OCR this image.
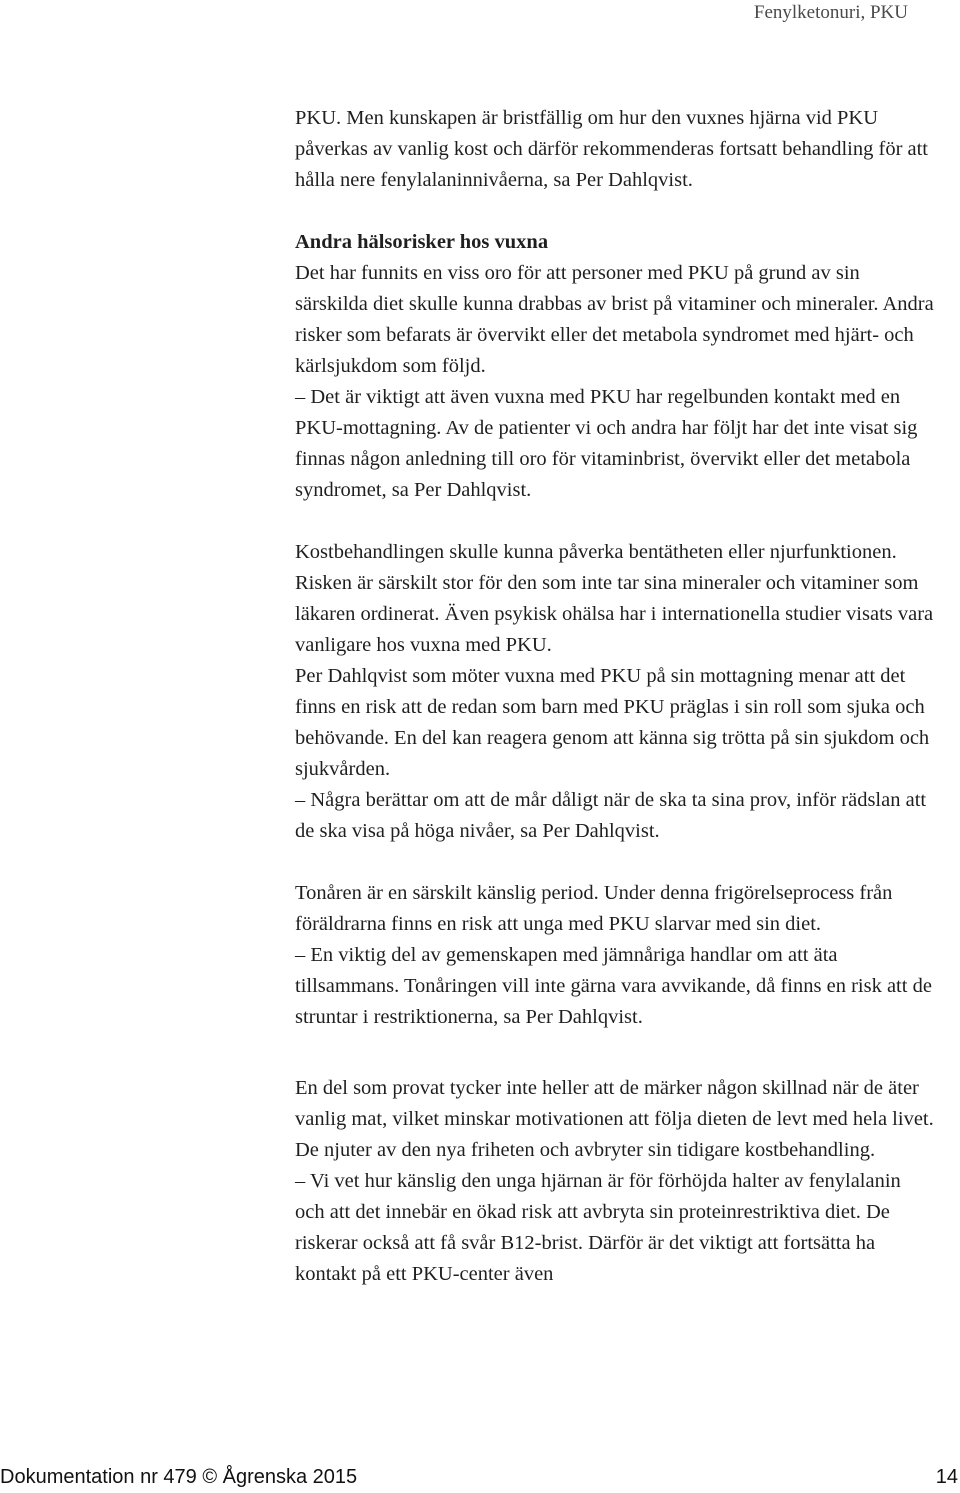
Fenylketonuri, PKU

PKU. Men kunskapen är bristfällig om hur den vuxnes hjärna vid PKU påverkas av vanlig kost och därför rekommenderas fortsatt behandling för att hålla nere fenylalaninnivåerna, sa Per Dahlqvist.

Andra hälsorisker hos vuxna

Det har funnits en viss oro för att personer med PKU på grund av sin särskilda diet skulle kunna drabbas av brist på vitaminer och mineraler. Andra risker som befarats är övervikt eller det metabola syndromet med hjärt- och kärlsjukdom som följd.

– Det är viktigt att även vuxna med PKU har regelbunden kontakt med en PKU-mottagning. Av de patienter vi och andra har följt har det inte visat sig finnas någon anledning till oro för vitaminbrist, övervikt eller det metabola syndromet, sa Per Dahlqvist.

Kostbehandlingen skulle kunna påverka bentätheten eller njurfunktionen. Risken är särskilt stor för den som inte tar sina mineraler och vitaminer som läkaren ordinerat. Även psykisk ohälsa har i internationella studier visats vara vanligare hos vuxna med PKU.

Per Dahlqvist som möter vuxna med PKU på sin mottagning menar att det finns en risk att de redan som barn med PKU präglas i sin roll som sjuka och behövande. En del kan reagera genom att känna sig trötta på sin sjukdom och sjukvården.

– Några berättar om att de mår dåligt när de ska ta sina prov, inför rädslan att de ska visa på höga nivåer, sa Per Dahlqvist.

Tonåren är en särskilt känslig period. Under denna frigörelseprocess från föräldrarna finns en risk att unga med PKU slarvar med sin diet.

– En viktig del av gemenskapen med jämnåriga handlar om att äta tillsammans. Tonåringen vill inte gärna vara avvikande, då finns en risk att de struntar i restriktionerna, sa Per Dahlqvist.

En del som provat tycker inte heller att de märker någon skillnad när de äter vanlig mat, vilket minskar motivationen att följa dieten de levt med hela livet. De njuter av den nya friheten och avbryter sin tidigare kostbehandling.

– Vi vet hur känslig den unga hjärnan är för förhöjda halter av fenylalanin och att det innebär en ökad risk att avbryta sin proteinrestriktiva diet. De riskerar också att få svår B12-brist. Därför är det viktigt att fortsätta ha kontakt på ett PKU-center även

Dokumentation nr 479 © Ågrenska 2015	14
